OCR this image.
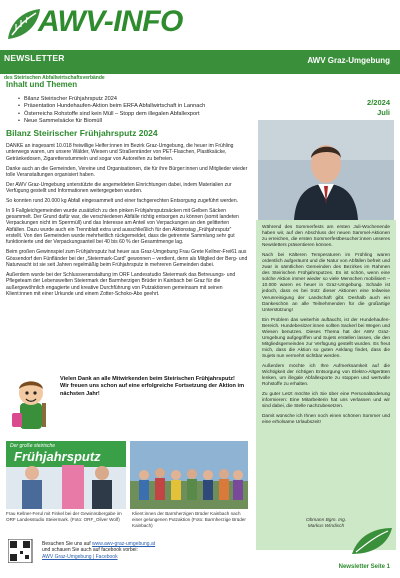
AWV-INFO
NEWSLETTER	AWV Graz-Umgebung
des Steirischen Abfallwirtschaftsverbände
Inhalt und Themen
• Bilanz Steirischer Frühjahrsputz 2024
• Präsentation Hundehaufen-Aktion beim ERFA Abfallwirtschaft in Lannach
• Österreichs Rohstoffe sind kein Müll – Stopp dem illegalen Abfallexport
• Neue Sammelsäcke für Biomüll
2/2024
Juli
Bilanz Steirischer Frühjahrsputz 2024

DANKE an insgesamt 10.018 freiwillige Helfer:innen im Bezirk Graz-Umgebung, die heuer im Frühling unterwegs waren, um unsere Wälder, Wiesen und Straßenränder von PET-Flaschen, Plastiksäcke, Getränkedosen, Zigarettenstummeln und sogar von Autoreifen zu befreien.

Danke auch an die Gemeinden, Vereine und Organisationen, die für ihre Bürger:innen und Mitglieder wieder tolle Veranstaltungen organisiert haben.

Der AWV Graz-Umgebung unterstützte die angemeldeten Einrichtungen dabei, indem Materialien zur Verfügung gestellt und Informationen weitergegeben wurden.

So konnten rund 20.000 kg Abfall eingesammelt und einer fachgerechten Entsorgung zugeführt werden.

In 9 Fallgleichgemeinden wurde zusätzlich zu den pinken Frühjahrsputzsäcken mit Gelben Säcken gesammelt. Der Grund dafür war, die verschiedenen Abfälle richtig entsorgen zu können (somit landeten Verpackungen nicht im Sperrmüll) und das Interesse am Anteil von Verpackungen an den gelitterten Abfällen. Dazu wurde auch ein Trennblatt extra und ausschließlich für den Aktionstag „Frühjahrsputz“ erstellt. Von den Gemeinden wurde mehrheitlich rückgemeldet, dass die getrennte Sammlung sehr gut funktionierte und der Verpackungsanteil bei 40 bis 60 % der Gesamtmenge lag.

Beim großen Gewinnspiel zum Frühjahrsputz hat heuer aus Graz-Umgebung Frau Grete Kellner-Frei61 aus Gössendorf den Fünfländer bei der „Steiermark-Card“ gewonnen – verdient, denn als Mitglied der Berg- und Naturwacht ist sie seit Jahren regelmäßig beim Frühjahrsputz in mehreren Gemeinden dabei.

Außerdem wurde bei der Schlussveranstaltung im ORF Landesstudio Steiermark das Betreuungs- und Pflegeteam der Lebenswelten Steiermark der Barmherzigen Brüder in Kainbach bei Graz für die außergewöhnlich engagierte und kreative Durchführung von Putzaktionen gemeinsam mit seinen Klient:innen mit einer Urkunde und einem Zotter-Schoko-Abo geehrt.

Vielen Dank an alle Mitwirkenden beim Steirischen Frühjahrsputz!
Wir freuen uns schon auf eine erfolgreiche Fortsetzung der Aktion im nächsten Jahr!
Der große steirische
Frühjahrsputz
Frau Kellner-Ferul mit Finkel bei der Gewinnübergabe im ORF Landesstudio Steiermark. (Foto: ORF_Oliver Wolf)
Klient:innen der Barmherzigen Brüder Kainbach nach einer gelungenen Putzaktion (Foto: Barmherzige Brüder Kainbach)
Besuchen Sie uns auf www.awv-graz-umgebung.at
und schauen Sie auch auf facebook vorbei:
AWV Graz-Umgebung | Facebook

Während des Sommerfests am ersten Juli-Wochenende haben wir, auf den Abschluss der neuen Sammel-Aktionen zu erreichen, die ersten Sommerfestbesucher:innen unseres Newsletters präsentieren können.

Nach bei Kälteren Temperaturen im Frühling waren ordentlich aufgeräumt und die Natur von Abfällen befreit und zwar in sämtlichen Gemeinden des Bezirkes im Rahmen des Steirischen Frühjahrsputzes. Es ist schön, wenn eine solche Aktion immer wieder so viele Menschen mobilisiert – 10.000 waren es heuer in Graz-Umgebung. Schade ist jedoch, dass es bei trotz dieser Aktionen eine teilweise Verunreinigung der Landschaft gibt. Deshalb auch ein Dankeschön an alle Teilnehmenden für die großartige Unterstützung!

Ein Problem das weiterhin auftaucht, ist der Hundehaufen-Bereich. Hundebesitzer:innen sollten Sackerl bei Wegen und Wiesen benutzen. Dieses Thema hat der AWV Graz-Umgebung aufgegriffen und Sujets erstellen lassen, die den Mitgliedsgemeinden zur Verfügung gestellt wurden. Es freut mich, dass die Aktion so guten Anklang findet, dass die Sujets nun vermehrt sichtbar werden.

Außerdem möchte ich Ihre Aufmerksamkeit auf die Wichtigkeit der richtigen Entsorgung von Elektro-Altgeräten lenken, um illegale Abfallexporte zu stoppen und wertvolle Rohstoffe zu erhalten.

Zu guter Letzt möchte ich Sie über eine Personaländerung informieren: Eine Mitarbeiterin hat uns verlassen und wir sind dabei, die Stelle nachzubesetzen.

Damit wünsche ich Ihnen noch einen schönen Sommer und eine erholsame Urlaubszeit!

Obmann Bgm. Ing.
Markus Windisch
Newsletter Seite 1
